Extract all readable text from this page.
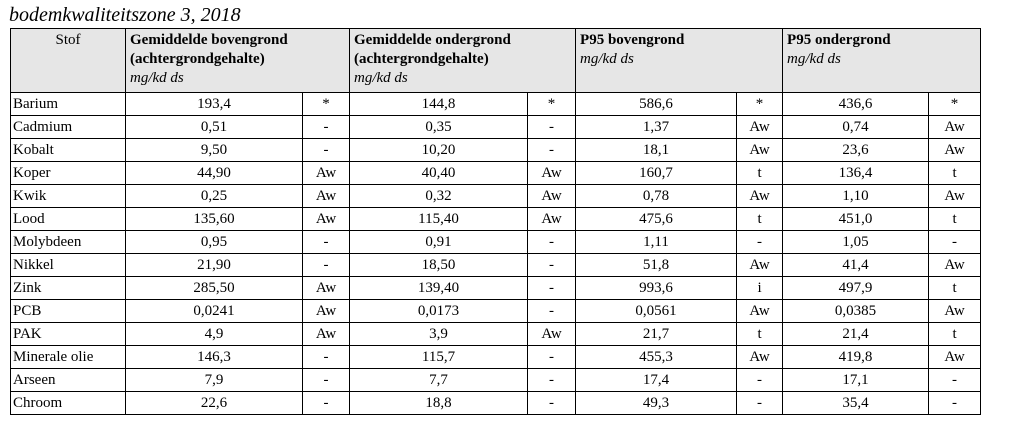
bodemkwaliteitszone 3, 2018
Stof	Gemiddelde bovengrond
(achtergrondgehalte)
mg/kd ds		Gemiddelde ondergrond
(achtergrondgehalte)
mg/kd ds		P95 bovengrond
mg/kd ds		P95 ondergrond
mg/kd ds	

Barium	193,4	*	144,8	*	586,6	*	436,6	*
Cadmium	0,51	-	0,35	-	1,37	Aw	0,74	Aw
Kobalt	9,50	-	10,20	-	18,1	Aw	23,6	Aw
Koper	44,90	Aw	40,40	Aw	160,7	t	136,4	t
Kwik	0,25	Aw	0,32	Aw	0,78	Aw	1,10	Aw
Lood	135,60	Aw	115,40	Aw	475,6	t	451,0	t
Molybdeen	0,95	-	0,91	-	1,11	-	1,05	-
Nikkel	21,90	-	18,50	-	51,8	Aw	41,4	Aw
Zink	285,50	Aw	139,40	-	993,6	i	497,9	t
PCB	0,0241	Aw	0,0173	-	0,0561	Aw	0,0385	Aw
PAK	4,9	Aw	3,9	Aw	21,7	t	21,4	t
Minerale olie	146,3	-	115,7	-	455,3	Aw	419,8	Aw
Arseen	7,9	-	7,7	-	17,4	-	17,1	-
Chroom	22,6	-	18,8	-	49,3	-	35,4	-
